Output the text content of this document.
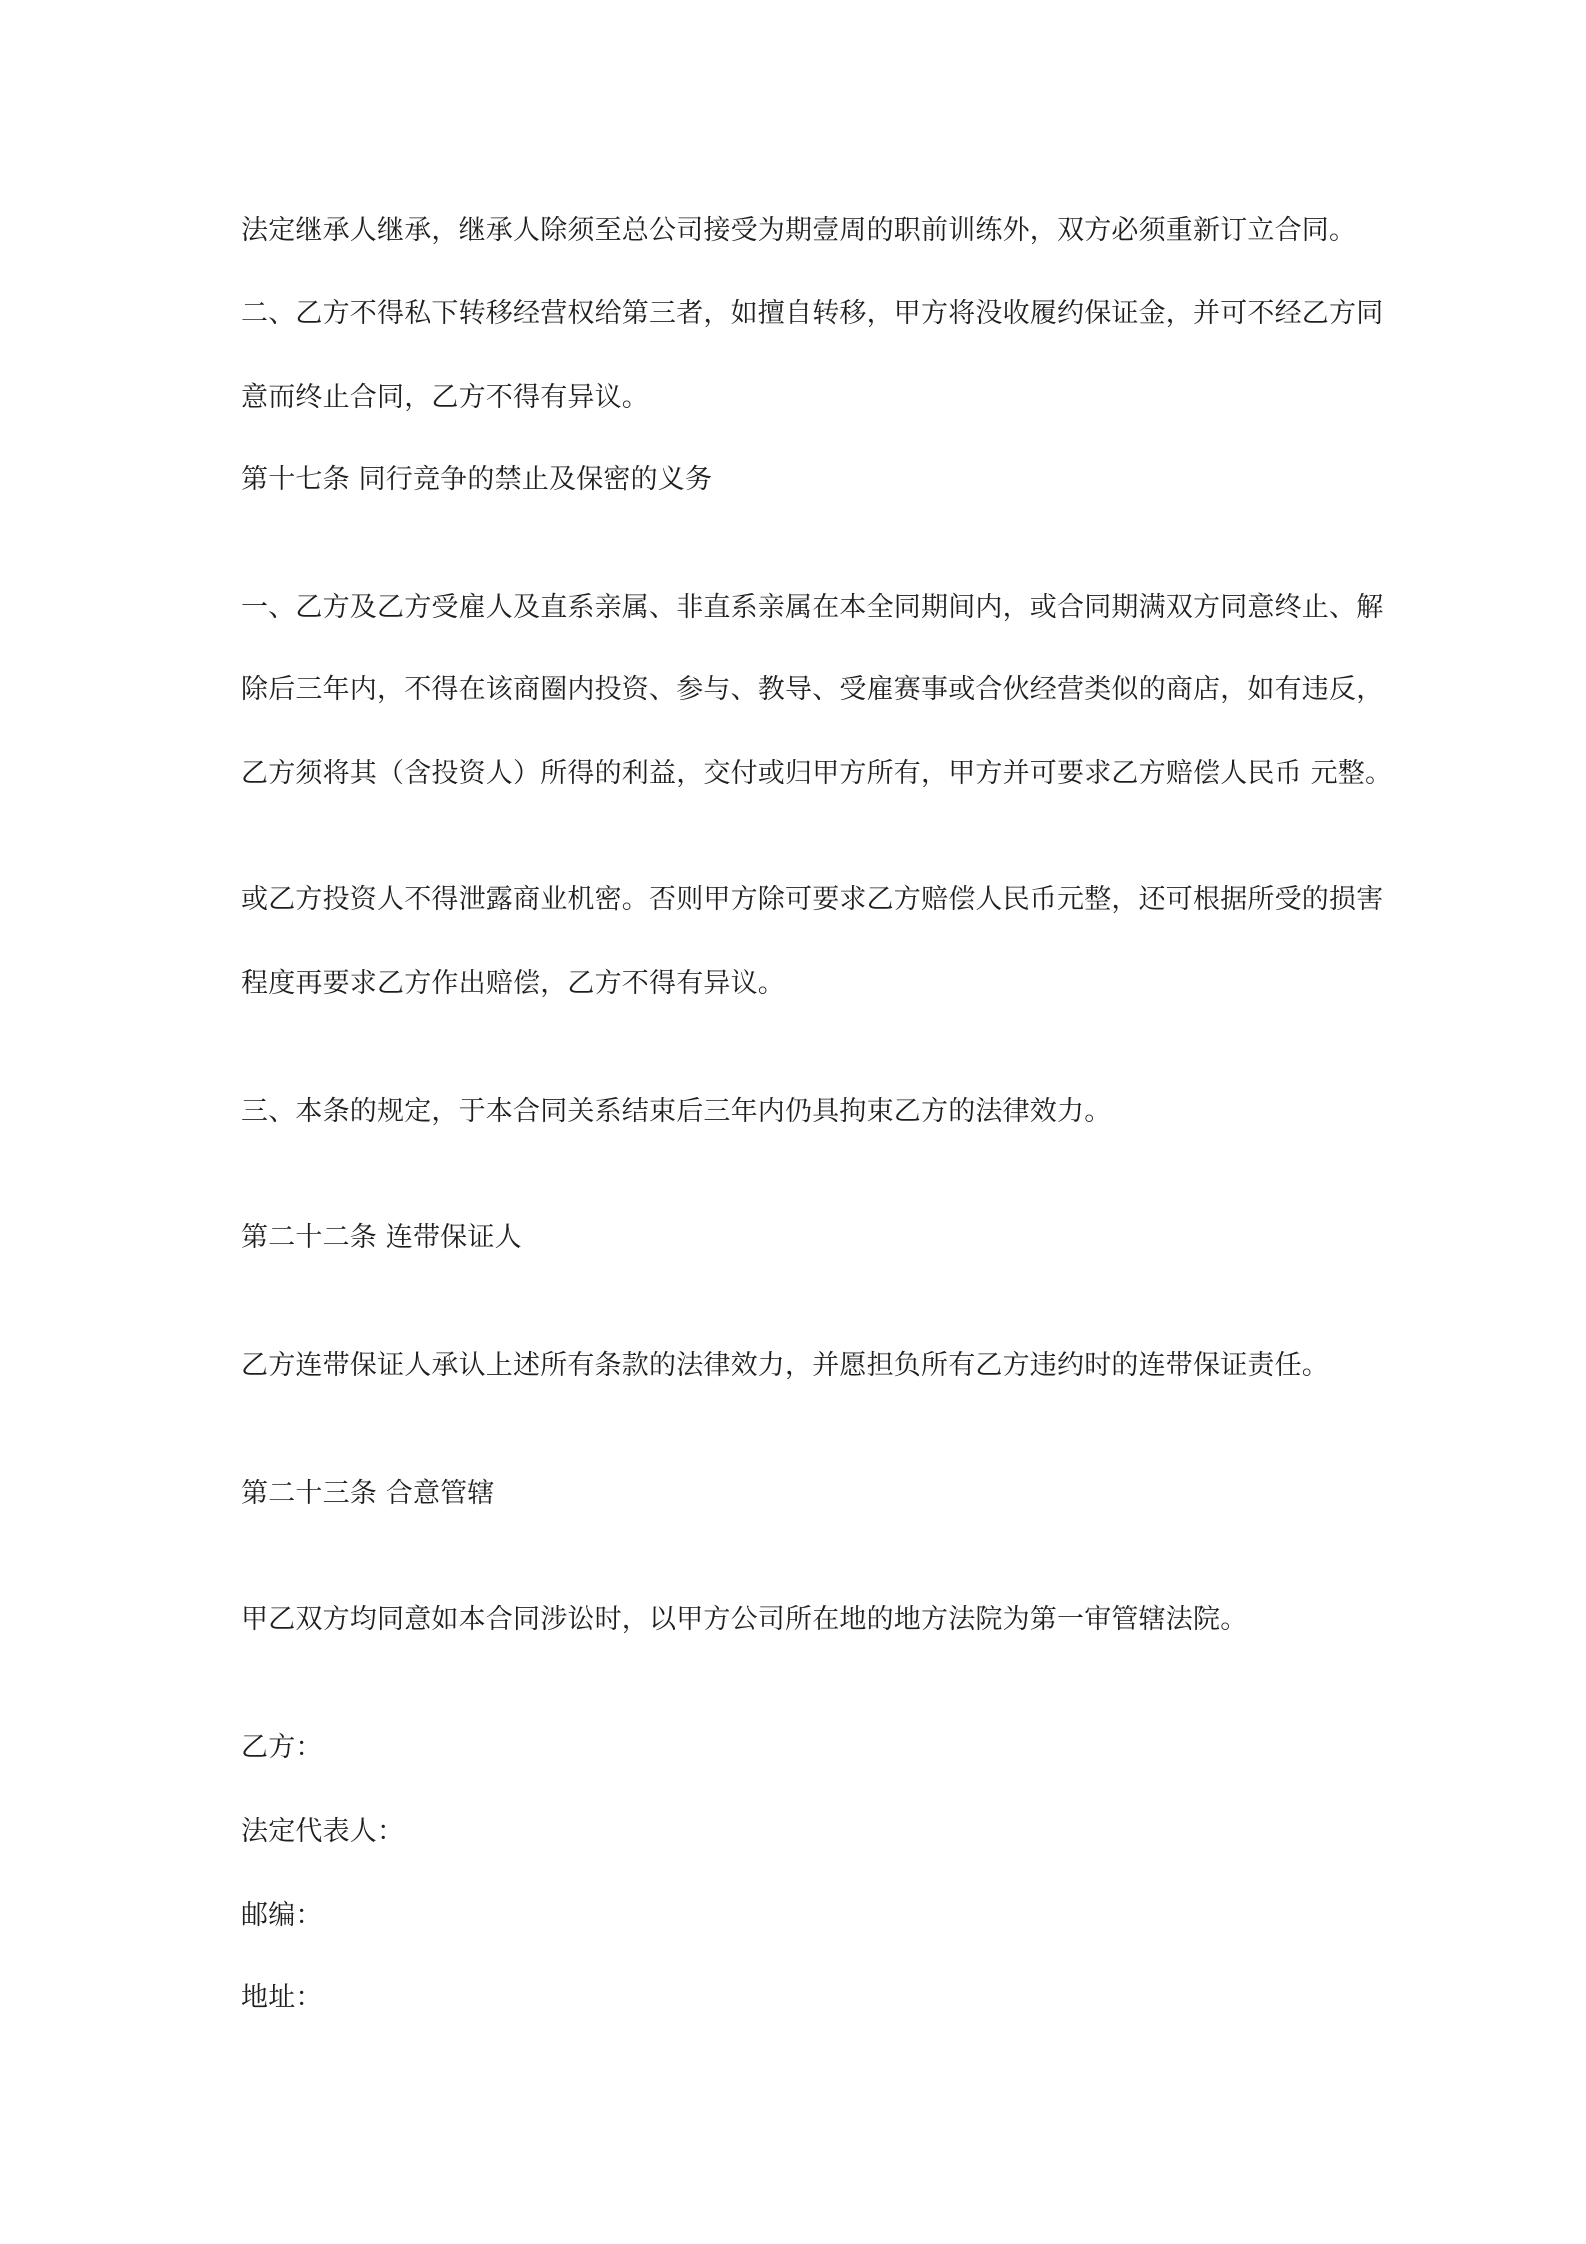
法定继承人继承，继承人除须至总公司接受为期壹周的职前训练外，双方必须重新订立合同。
二、乙方不得私下转移经营权给第三者，如擅自转移，甲方将没收履约保证金，并可不经乙方同
意而终止合同，乙方不得有异议。
第十七条 同行竞争的禁止及保密的义务
一、乙方及乙方受雇人及直系亲属、非直系亲属在本全同期间内，或合同期满双方同意终止、解
除后三年内，不得在该商圈内投资、参与、教导、受雇赛事或合伙经营类似的商店，如有违反，
乙方须将其（含投资人）所得的利益，交付或归甲方所有，甲方并可要求乙方赔偿人民币 元整。
或乙方投资人不得泄露商业机密。否则甲方除可要求乙方赔偿人民币元整，还可根据所受的损害
程度再要求乙方作出赔偿，乙方不得有异议。
三、本条的规定，于本合同关系结束后三年内仍具拘束乙方的法律效力。
第二十二条 连带保证人
乙方连带保证人承认上述所有条款的法律效力，并愿担负所有乙方违约时的连带保证责任。
第二十三条 合意管辖
甲乙双方均同意如本合同涉讼时，以甲方公司所在地的地方法院为第一审管辖法院。
乙方：
法定代表人：
邮编：
地址：
